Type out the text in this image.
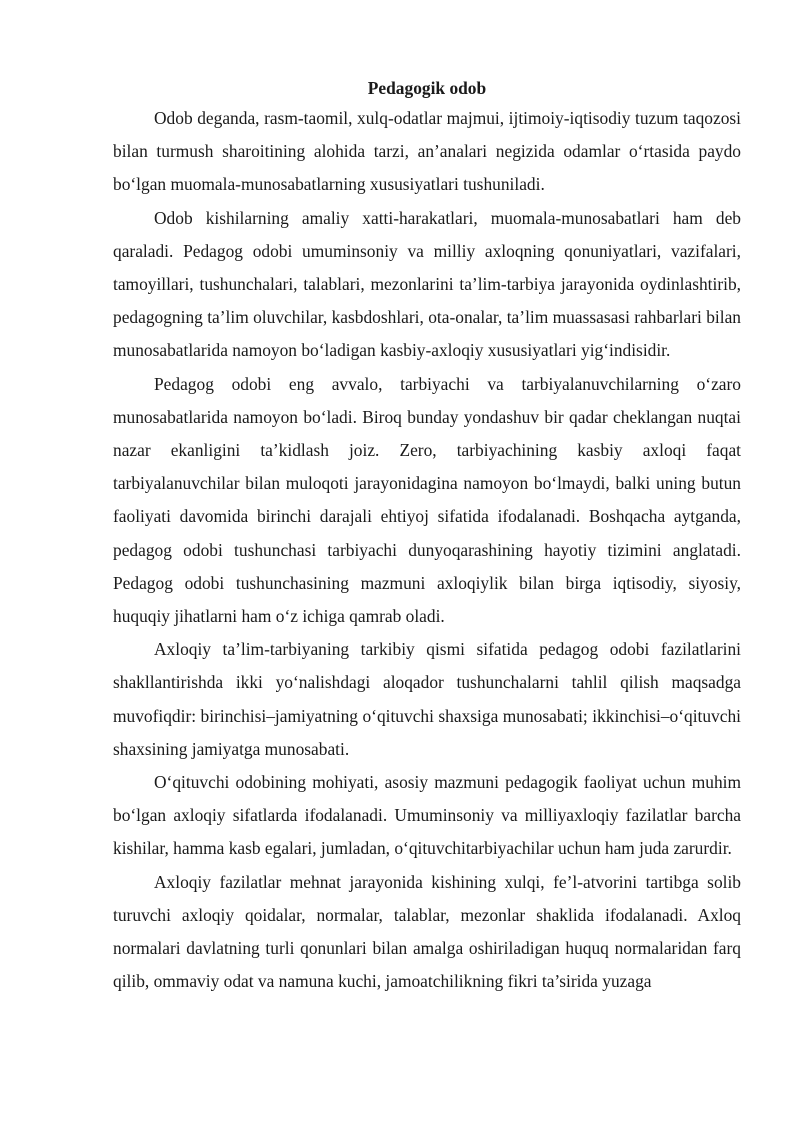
Pedagogik odob

Odob deganda, rasm-taomil, xulq-odatlar majmui, ijtimoiy-iqtisodiy tuzum taqozosi bilan turmush sharoitining alohida tarzi, an’analari negizida odamlar o‘rtasida paydo bo‘lgan muomala-munosabatlarning xususiyatlari tushuniladi.

Odob kishilarning amaliy xatti-harakatlari, muomala-munosabatlari ham deb qaraladi. Pedagog odobi umuminsoniy va milliy axloqning qonuniyatlari, vazifalari, tamoyillari, tushunchalari, talablari, mezonlarini ta’lim-tarbiya jarayonida oydinlashtirib, pedagogning ta’lim oluvchilar, kasbdoshlari, ota-onalar, ta’lim muassasasi rahbarlari bilan munosabatlarida namoyon bo‘ladigan kasbiy-axloqiy xususiyatlari yig‘indisidir.

Pedagog odobi eng avvalo, tarbiyachi va tarbiyalanuvchilarning o‘zaro munosabatlarida namoyon bo‘ladi. Biroq bunday yondashuv bir qadar cheklangan nuqtai nazar ekanligini ta’kidlash joiz. Zero, tarbiyachining kasbiy axloqi faqat tarbiyalanuvchilar bilan muloqoti jarayonidagina namoyon bo‘lmaydi, balki uning butun faoliyati davomida birinchi darajali ehtiyoj sifatida ifodalanadi. Boshqacha aytganda, pedagog odobi tushunchasi tarbiyachi dunyoqarashining hayotiy tizimini anglatadi. Pedagog odobi tushunchasining mazmuni axloqiylik bilan birga iqtisodiy, siyosiy, huquqiy jihatlarni ham o‘z ichiga qamrab oladi.

Axloqiy ta’lim-tarbiyaning tarkibiy qismi sifatida pedagog odobi fazilatlarini shakllantirishda ikki yo‘nalishdagi aloqador tushunchalarni tahlil qilish maqsadga muvofiqdir: birinchisi–jamiyatning o‘qituvchi shaxsiga munosabati; ikkinchisi–o‘qituvchi shaxsining jamiyatga munosabati.

O‘qituvchi odobining mohiyati, asosiy mazmuni pedagogik faoliyat uchun muhim bo‘lgan axloqiy sifatlarda ifodalanadi. Umuminsoniy va milliyaxloqiy fazilatlar barcha kishilar, hamma kasb egalari, jumladan, o‘qituvchitarbiyachilar uchun ham juda zarurdir.

Axloqiy fazilatlar mehnat jarayonida kishining xulqi, fe’l-atvorini tartibga solib turuvchi axloqiy qoidalar, normalar, talablar, mezonlar shaklida ifodalanadi. Axloq normalari davlatning turli qonunlari bilan amalga oshiriladigan huquq normalaridan farq qilib, ommaviy odat va namuna kuchi, jamoatchilikning fikri ta’sirida yuzaga
